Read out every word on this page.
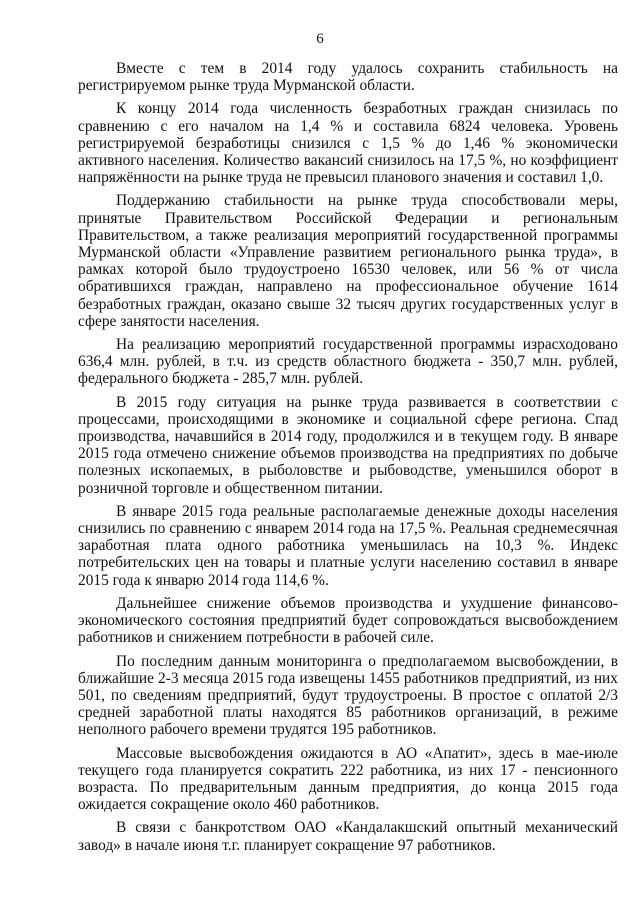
6

Вместе с тем в 2014 году удалось сохранить стабильность на регистрируемом рынке труда Мурманской области.

К концу 2014 года численность безработных граждан снизилась по сравнению с его началом на 1,4 % и составила 6824 человека. Уровень регистрируемой безработицы снизился с 1,5 % до 1,46 % экономически активного населения. Количество вакансий снизилось на 17,5 %, но коэффициент напряжённости на рынке труда не превысил планового значения и составил 1,0.

Поддержанию стабильности на рынке труда способствовали меры, принятые Правительством Российской Федерации и региональным Правительством, а также реализация мероприятий государственной программы Мурманской области «Управление развитием регионального рынка труда», в рамках которой было трудоустроено 16530 человек, или 56 % от числа обратившихся граждан, направлено на профессиональное обучение 1614 безработных граждан, оказано свыше 32 тысяч других государственных услуг в сфере занятости населения.

На реализацию мероприятий государственной программы израсходовано 636,4 млн. рублей, в т.ч. из средств областного бюджета - 350,7 млн. рублей, федерального бюджета - 285,7 млн. рублей.

В 2015 году ситуация на рынке труда развивается в соответствии с процессами, происходящими в экономике и социальной сфере региона. Спад производства, начавшийся в 2014 году, продолжился и в текущем году. В январе 2015 года отмечено снижение объемов производства на предприятиях по добыче полезных ископаемых, в рыболовстве и рыбоводстве, уменьшился оборот в розничной торговле и общественном питании.

В январе 2015 года реальные располагаемые денежные доходы населения снизились по сравнению с январем 2014 года на 17,5 %. Реальная среднемесячная заработная плата одного работника уменьшилась на 10,3 %. Индекс потребительских цен на товары и платные услуги населению составил в январе 2015 года к январю 2014 года 114,6 %.

Дальнейшее снижение объемов производства и ухудшение финансово-экономического состояния предприятий будет сопровождаться высвобождением работников и снижением потребности в рабочей силе.

По последним данным мониторинга о предполагаемом высвобождении, в ближайшие 2-3 месяца 2015 года извещены 1455 работников предприятий, из них 501, по сведениям предприятий, будут трудоустроены. В простое с оплатой 2/3 средней заработной платы находятся 85 работников организаций, в режиме неполного рабочего времени трудятся 195 работников.

Массовые высвобождения ожидаются в АО «Апатит», здесь в мае-июле текущего года планируется сократить 222 работника, из них 17 - пенсионного возраста. По предварительным данным предприятия, до конца 2015 года ожидается сокращение около 460 работников.

В связи с банкротством ОАО «Кандалакшский опытный механический завод» в начале июня т.г. планирует сокращение 97 работников.
